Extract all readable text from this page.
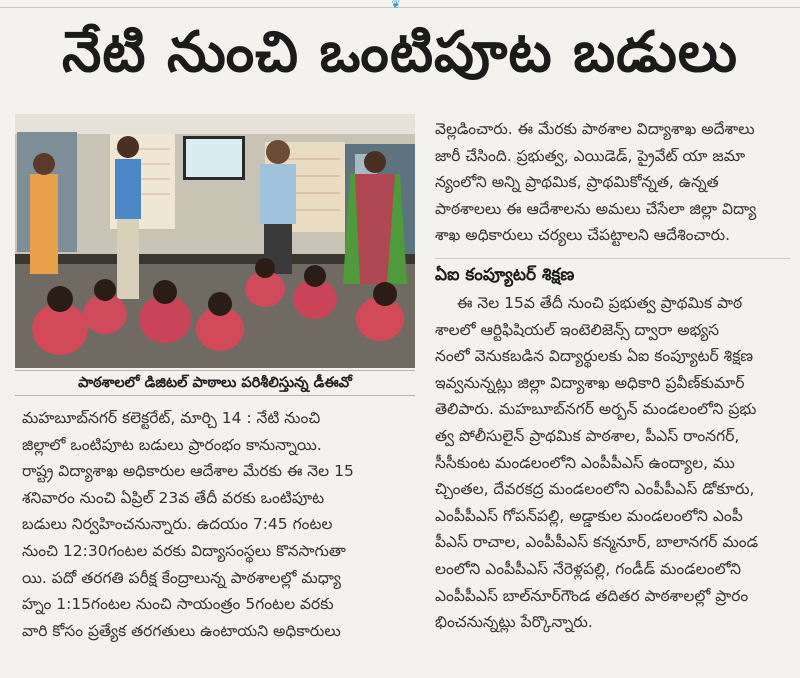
❦
నేటి నుంచి ఒంటిపూట బడులు
పాఠశాలలో డిజిటల్ పాఠాలు పరిశీలిస్తున్న డీఈవో
మహబూబ్‌నగర్ కలెక్టరేట్, మార్చి 14 : నేటి నుంచి
జిల్లాలో ఒంటిపూట బడులు ప్రారంభం కానున్నాయి.
రాష్ట్ర విద్యాశాఖ అధికారుల ఆదేశాల మేరకు ఈ నెల 15
శనివారం నుంచి ఏప్రిల్ 23వ తేదీ వరకు ఒంటిపూట
బడులు నిర్వహించనున్నారు. ఉదయం 7:45 గంటల
నుంచి 12:30గంటల వరకు విద్యాసంస్థలు కొనసాగుతా
యి. పదో తరగతి పరీక్ష కేంద్రాలున్న పాఠశాలల్లో మధ్యా
హ్నం 1:15గంటల నుంచి సాయంత్రం 5గంటల వరకు
వారి కోసం ప్రత్యేక తరగతులు ఉంటాయని అధికారులు
వెల్లడించారు. ఈ మేరకు పాఠశాల విద్యాశాఖ అదేశాలు
జారీ చేసింది. ప్రభుత్వ, ఎయిడెడ్, ప్రైవేట్ యా జమా
న్యంలోని అన్ని ప్రాథమిక, ప్రాథమికోన్నత, ఉన్నత
పాఠశాలలు ఈ ఆదేశాలను అమలు చేసేలా జిల్లా విద్యా
శాఖ అధికారులు చర్యలు చేపట్టాలని ఆదేశించారు.
ఏఐ కంప్యూటర్ శిక్షణ
ఈ నెల 15వ తేదీ నుంచి ప్రభుత్వ ప్రాథమిక పాఠ
శాలలో ఆర్టిఫిషియల్ ఇంటెలిజెన్స్ ద్వారా అభ్యస
నంలో వెనుకబడిన విద్యార్థులకు ఏఐ కంప్యూటర్ శిక్షణ
ఇవ్వనున్నట్లు జిల్లా విద్యాశాఖ అధికారి ప్రవీణ్‌కుమార్
తెలిపారు. మహబూబ్‌నగర్ అర్బన్ మండలంలోని ప్రభు
త్వ పోలీసులైన్ ప్రాథమిక పాఠశాల, పీఎస్ రాంనగర్,
సీసీకుంట మండలంలోని ఎంపీపీఎస్ ఉంద్యాల, ము
చ్చింతల, దేవరకద్ర మండలంలోని ఎంపీపీఎస్ డోకూరు,
ఎంపీపీఎస్ గోపన్‌పల్లి, అడ్డాకుల మండలంలోని ఎంపీ
పీఎస్ రాచాల, ఎంపీపీఎస్ కన్మనూర్, బాలానగర్ మండ
లంలోని ఎంపీపీఎస్ నేరెళ్లపల్లి, గండీడ్ మండలంలోని
ఎంపీపీఎస్ బాల్‌నూర్‌గౌండ తదితర పాఠశాలల్లో ప్రారం
భించనున్నట్లు పేర్కొన్నారు.
